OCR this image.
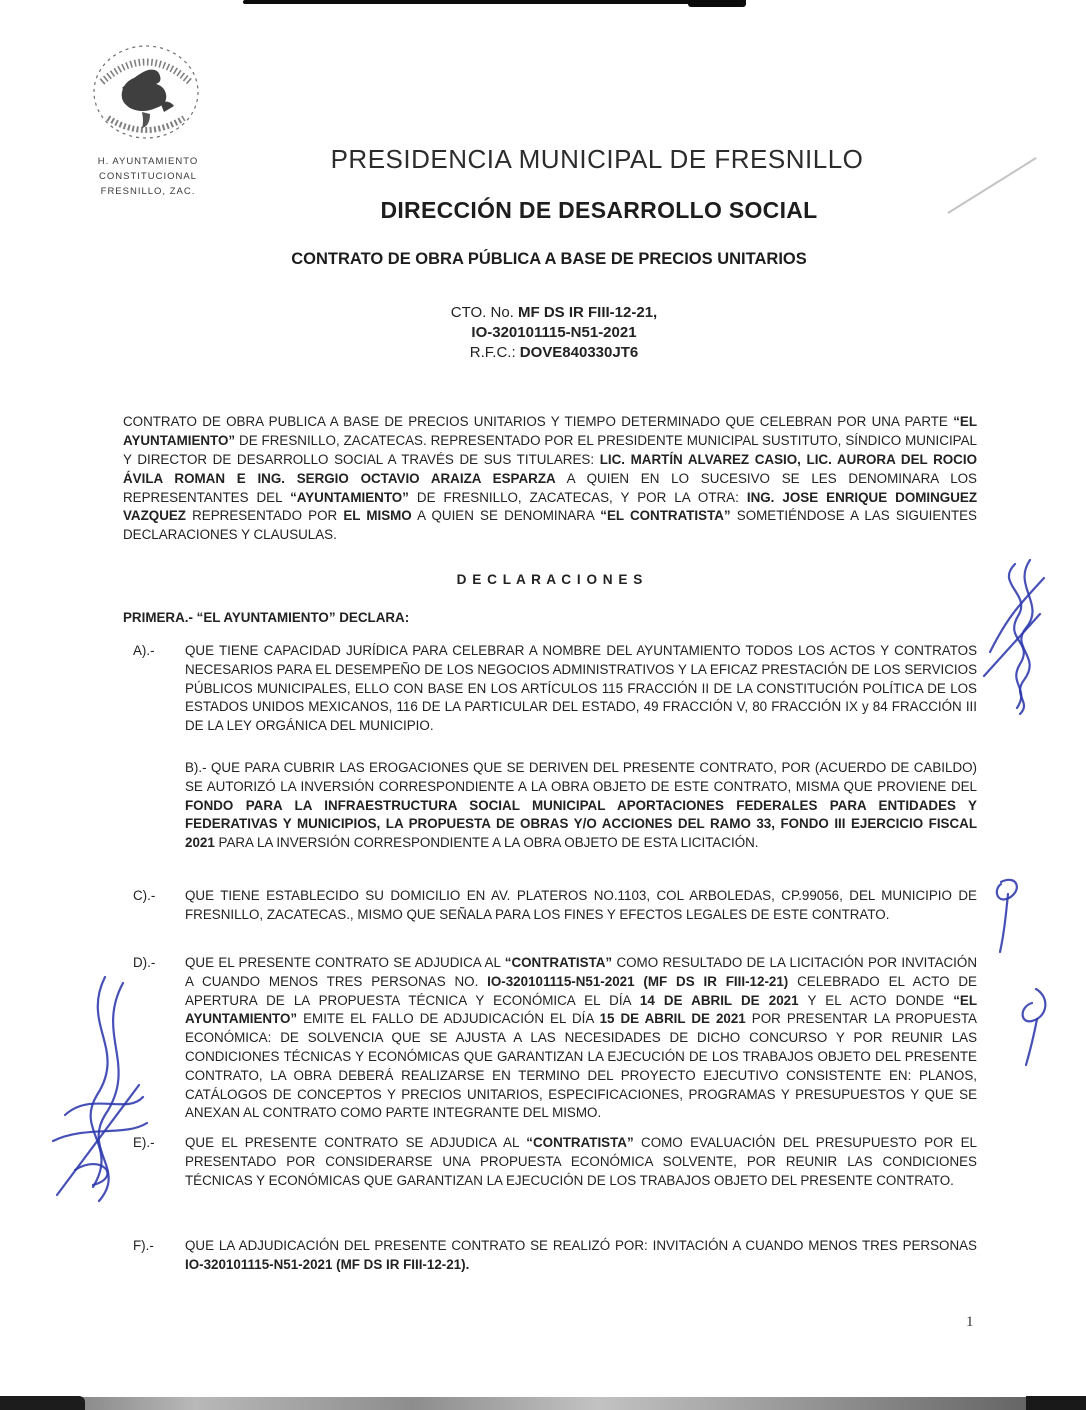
H. AYUNTAMIENTO
CONSTITUCIONAL
FRESNILLO, ZAC.
PRESIDENCIA MUNICIPAL DE FRESNILLO
DIRECCIÓN DE DESARROLLO SOCIAL
CONTRATO DE OBRA PÚBLICA A BASE DE PRECIOS UNITARIOS
CTO. No. MF DS IR FIII-12-21,
IO-320101115-N51-2021
R.F.C.: DOVE840330JT6

CONTRATO DE OBRA PUBLICA A BASE DE PRECIOS UNITARIOS Y TIEMPO DETERMINADO QUE CELEBRAN POR UNA PARTE “EL AYUNTAMIENTO” DE FRESNILLO, ZACATECAS. REPRESENTADO POR EL PRESIDENTE MUNICIPAL SUSTITUTO, SÍNDICO MUNICIPAL Y DIRECTOR DE DESARROLLO SOCIAL A TRAVÉS DE SUS TITULARES: LIC. MARTÍN ALVAREZ CASIO, LIC. AURORA DEL ROCIO ÁVILA ROMAN E ING. SERGIO OCTAVIO ARAIZA ESPARZA A QUIEN EN LO SUCESIVO SE LES DENOMINARA LOS REPRESENTANTES DEL “AYUNTAMIENTO” DE FRESNILLO, ZACATECAS, Y POR LA OTRA: ING. JOSE ENRIQUE DOMINGUEZ VAZQUEZ REPRESENTADO POR EL MISMO A QUIEN SE DENOMINARA “EL CONTRATISTA” SOMETIÉNDOSE A LAS SIGUIENTES DECLARACIONES Y CLAUSULAS.

D E C L A R A C I O N E S
PRIMERA.- “EL AYUNTAMIENTO” DECLARA:
A).-	QUE TIENE CAPACIDAD JURÍDICA PARA CELEBRAR A NOMBRE DEL AYUNTAMIENTO TODOS LOS ACTOS Y CONTRATOS NECESARIOS PARA EL DESEMPEÑO DE LOS NEGOCIOS ADMINISTRATIVOS Y LA EFICAZ PRESTACIÓN DE LOS SERVICIOS PÚBLICOS MUNICIPALES, ELLO CON BASE EN LOS ARTÍCULOS 115 FRACCIÓN II DE LA CONSTITUCIÓN POLÍTICA DE LOS ESTADOS UNIDOS MEXICANOS, 116 DE LA PARTICULAR DEL ESTADO, 49 FRACCIÓN V, 80 FRACCIÓN IX y 84 FRACCIÓN III DE LA LEY ORGÁNICA DEL MUNICIPIO.

B).- QUE PARA CUBRIR LAS EROGACIONES QUE SE DERIVEN DEL PRESENTE CONTRATO, POR (ACUERDO DE CABILDO) SE AUTORIZÓ LA INVERSIÓN CORRESPONDIENTE A LA OBRA OBJETO DE ESTE CONTRATO, MISMA QUE PROVIENE DEL FONDO PARA LA INFRAESTRUCTURA SOCIAL MUNICIPAL APORTACIONES FEDERALES PARA ENTIDADES Y FEDERATIVAS Y MUNICIPIOS, LA PROPUESTA DE OBRAS Y/O ACCIONES DEL RAMO 33, FONDO III EJERCICIO FISCAL 2021 PARA LA INVERSIÓN CORRESPONDIENTE A LA OBRA OBJETO DE ESTA LICITACIÓN.

C).-	QUE TIENE ESTABLECIDO SU DOMICILIO EN AV. PLATEROS NO.1103, COL ARBOLEDAS, CP.99056, DEL MUNICIPIO DE FRESNILLO, ZACATECAS., MISMO QUE SEÑALA PARA LOS FINES Y EFECTOS LEGALES DE ESTE CONTRATO.

D).-	QUE EL PRESENTE CONTRATO SE ADJUDICA AL “CONTRATISTA” COMO RESULTADO DE LA LICITACIÓN POR INVITACIÓN A CUANDO MENOS TRES PERSONAS NO. IO-320101115-N51-2021 (MF DS IR FIII-12-21) CELEBRADO EL ACTO DE APERTURA DE LA PROPUESTA TÉCNICA Y ECONÓMICA EL DÍA 14 DE ABRIL DE 2021 Y EL ACTO DONDE “EL AYUNTAMIENTO” EMITE EL FALLO DE ADJUDICACIÓN EL DÍA 15 DE ABRIL DE 2021 POR PRESENTAR LA PROPUESTA ECONÓMICA: DE SOLVENCIA QUE SE AJUSTA A LAS NECESIDADES DE DICHO CONCURSO Y POR REUNIR LAS CONDICIONES TÉCNICAS Y ECONÓMICAS QUE GARANTIZAN LA EJECUCIÓN DE LOS TRABAJOS OBJETO DEL PRESENTE CONTRATO, LA OBRA DEBERÁ REALIZARSE EN TERMINO DEL PROYECTO EJECUTIVO CONSISTENTE EN: PLANOS, CATÁLOGOS DE CONCEPTOS Y PRECIOS UNITARIOS, ESPECIFICACIONES, PROGRAMAS Y PRESUPUESTOS Y QUE SE ANEXAN AL CONTRATO COMO PARTE INTEGRANTE DEL MISMO.

E).-	QUE EL PRESENTE CONTRATO SE ADJUDICA AL “CONTRATISTA” COMO EVALUACIÓN DEL PRESUPUESTO POR EL PRESENTADO POR CONSIDERARSE UNA PROPUESTA ECONÓMICA SOLVENTE, POR REUNIR LAS CONDICIONES TÉCNICAS Y ECONÓMICAS QUE GARANTIZAN LA EJECUCIÓN DE LOS TRABAJOS OBJETO DEL PRESENTE CONTRATO.

F).-	QUE LA ADJUDICACIÓN DEL PRESENTE CONTRATO SE REALIZÓ POR: INVITACIÓN A CUANDO MENOS TRES PERSONAS IO-320101115-N51-2021 (MF DS IR FIII-12-21).

1
